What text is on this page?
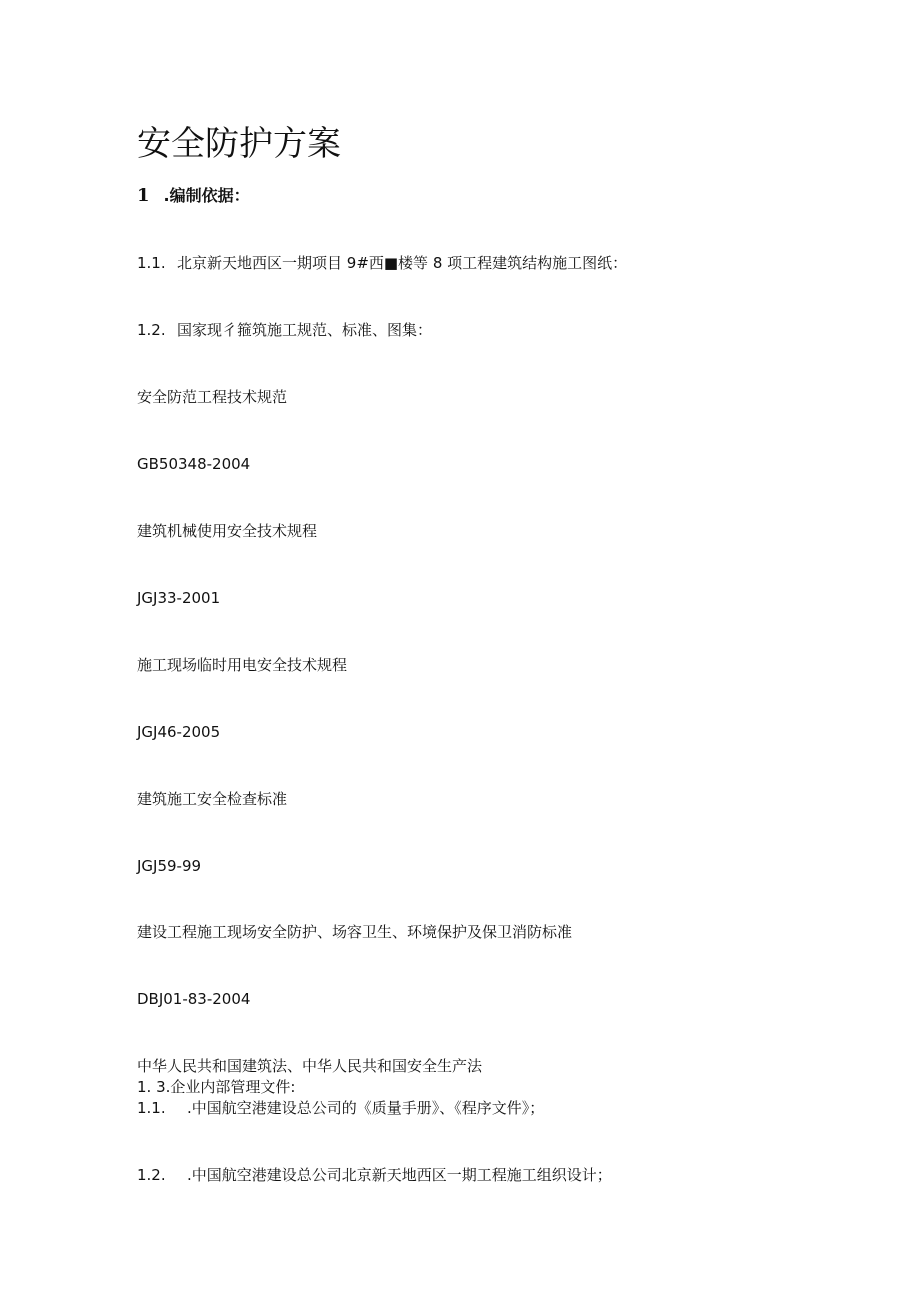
安全防护方案
1 .编制依据：
1.1. 北京新天地西区一期项目 9#西■楼等 8 项工程建筑结构施工图纸：
1.2. 国家现彳箍筑施工规范、标准、图集：
安全防范工程技术规范
GB50348-2004
建筑机械使用安全技术规程
JGJ33-2001
施工现场临时用电安全技术规程
JGJ46-2005
建筑施工安全检查标准
JGJ59-99
建设工程施工现场安全防护、场容卫生、环境保护及保卫消防标准
DBJ01-83-2004
中华人民共和国建筑法、中华人民共和国安全生产法
1. 3.企业内部管理文件:
1.1. .中国航空港建设总公司的《质量手册》、《程序文件》；
1.2. .中国航空港建设总公司北京新天地西区一期工程施工组织设计；
